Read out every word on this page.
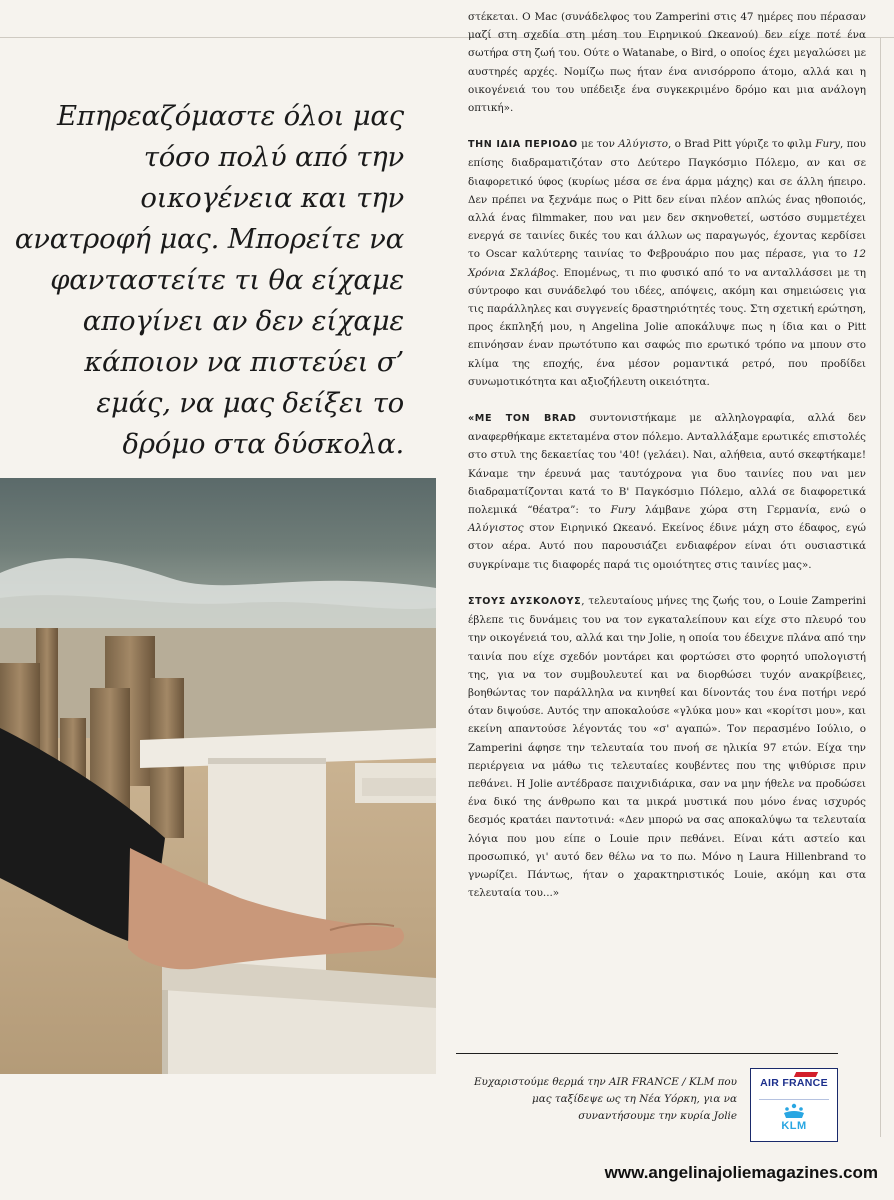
Επηρεαζόμαστε όλοι μας τόσο πολύ από την οικογένεια και την ανατροφή μας. Μπορείτε να φανταστείτε τι θα είχαμε απογίνει αν δεν είχαμε κάποιον να πιστεύει σ’ εμάς, να μας δείξει το δρόμο στα δύσκολα.

στέκεται. Ο Mac (συνάδελφος του Zamperini στις 47 ημέρες που πέρασαν μαζί στη σχεδία στη μέση του Ειρηνικού Ωκεανού) δεν είχε ποτέ ένα σωτήρα στη ζωή του. Ούτε ο Watanabe, ο Bird, ο οποίος έχει μεγαλώσει με αυστηρές αρχές. Νομίζω πως ήταν ένα ανισόρροπο άτομο, αλλά και η οικογένειά του του υπέδειξε ένα συγκεκριμένο δρόμο και μια ανάλογη οπτική».

ΤΗΝ ΙΔΙΑ ΠΕΡΙΟΔΟ με τον Αλύγιστο, ο Brad Pitt γύριζε το φιλμ Fury, που επίσης διαδραματιζόταν στο Δεύτερο Παγκόσμιο Πόλεμο, αν και σε διαφορετικό ύφος (κυρίως μέσα σε ένα άρμα μάχης) και σε άλλη ήπειρο. Δεν πρέπει να ξεχνάμε πως ο Pitt δεν είναι πλέον απλώς ένας ηθοποιός, αλλά ένας filmmaker, που ναι μεν δεν σκηνοθετεί, ωστόσο συμμετέχει ενεργά σε ταινίες δικές του και άλλων ως παραγωγός, έχοντας κερδίσει το Oscar καλύτερης ταινίας το Φεβρουάριο που μας πέρασε, για το 12 Χρόνια Σκλάβος. Επομένως, τι πιο φυσικό από το να ανταλλάσσει με τη σύντροφο και συνάδελφό του ιδέες, απόψεις, ακόμη και σημειώσεις για τις παράλληλες και συγγενείς δραστηριότητές τους. Στη σχετική ερώτηση, προς έκπληξή μου, η Angelina Jolie αποκάλυψε πως η ίδια και ο Pitt επινόησαν έναν πρωτότυπο και σαφώς πιο ερωτικό τρόπο να μπουν στο κλίμα της εποχής, ένα μέσον ρομαντικά ρετρό, που προδίδει συνωμοτικότητα και αξιοζήλευτη οικειότητα.

«ΜΕ ΤΟΝ BRAD συντονιστήκαμε με αλληλογραφία, αλλά δεν αναφερθήκαμε εκτεταμένα στον πόλεμο. Ανταλλάξαμε ερωτικές επιστολές στο στυλ της δεκαετίας του '40! (γελάει). Ναι, αλήθεια, αυτό σκεφτήκαμε! Κάναμε την έρευνά μας ταυτόχρονα για δυο ταινίες που ναι μεν διαδραματίζονται κατά το Β' Παγκόσμιο Πόλεμο, αλλά σε διαφορετικά πολεμικά “θέατρα”: το Fury λάμβανε χώρα στη Γερμανία, ενώ ο Αλύγιστος στον Ειρηνικό Ωκεανό. Εκείνος έδινε μάχη στο έδαφος, εγώ στον αέρα. Αυτό που παρουσιάζει ενδιαφέρον είναι ότι ουσιαστικά συγκρίναμε τις διαφορές παρά τις ομοιότητες στις ταινίες μας».

ΣΤΟΥΣ ΔΥΣΚΟΛΟΥΣ, τελευταίους μήνες της ζωής του, ο Louie Zamperini έβλεπε τις δυνάμεις του να τον εγκαταλείπουν και είχε στο πλευρό του την οικογένειά του, αλλά και την Jolie, η οποία του έδειχνε πλάνα από την ταινία που είχε σχεδόν μοντάρει και φορτώσει στο φορητό υπολογιστή της, για να τον συμβουλευτεί και να διορθώσει τυχόν ανακρίβειες, βοηθώντας τον παράλληλα να κινηθεί και δίνοντάς του ένα ποτήρι νερό όταν διψούσε. Αυτός την αποκαλούσε «γλύκα μου» και «κορίτσι μου», και εκείνη απαντούσε λέγοντάς του «σ' αγαπώ». Τον περασμένο Ιούλιο, ο Zamperini άφησε την τελευταία του πνοή σε ηλικία 97 ετών. Είχα την περιέργεια να μάθω τις τελευταίες κουβέντες που της ψιθύρισε πριν πεθάνει. Η Jolie αντέδρασε παιχνιδιάρικα, σαν να μην ήθελε να προδώσει ένα δικό της άνθρωπο και τα μικρά μυστικά που μόνο ένας ισχυρός δεσμός κρατάει παντοτινά: «Δεν μπορώ να σας αποκαλύψω τα τελευταία λόγια που μου είπε ο Louie πριν πεθάνει. Είναι κάτι αστείο και προσωπικό, γι' αυτό δεν θέλω να το πω. Μόνο η Laura Hillenbrand το γνωρίζει. Πάντως, ήταν ο χαρακτηριστικός Louie, ακόμη και στα τελευταία του...»

Ευχαριστούμε θερμά την AIR FRANCE / KLM που μας ταξίδεψε ως τη Νέα Υόρκη, για να συναντήσουμε την κυρία Jolie
AIR FRANCE
KLM
www.angelinajoliemagazines.com
